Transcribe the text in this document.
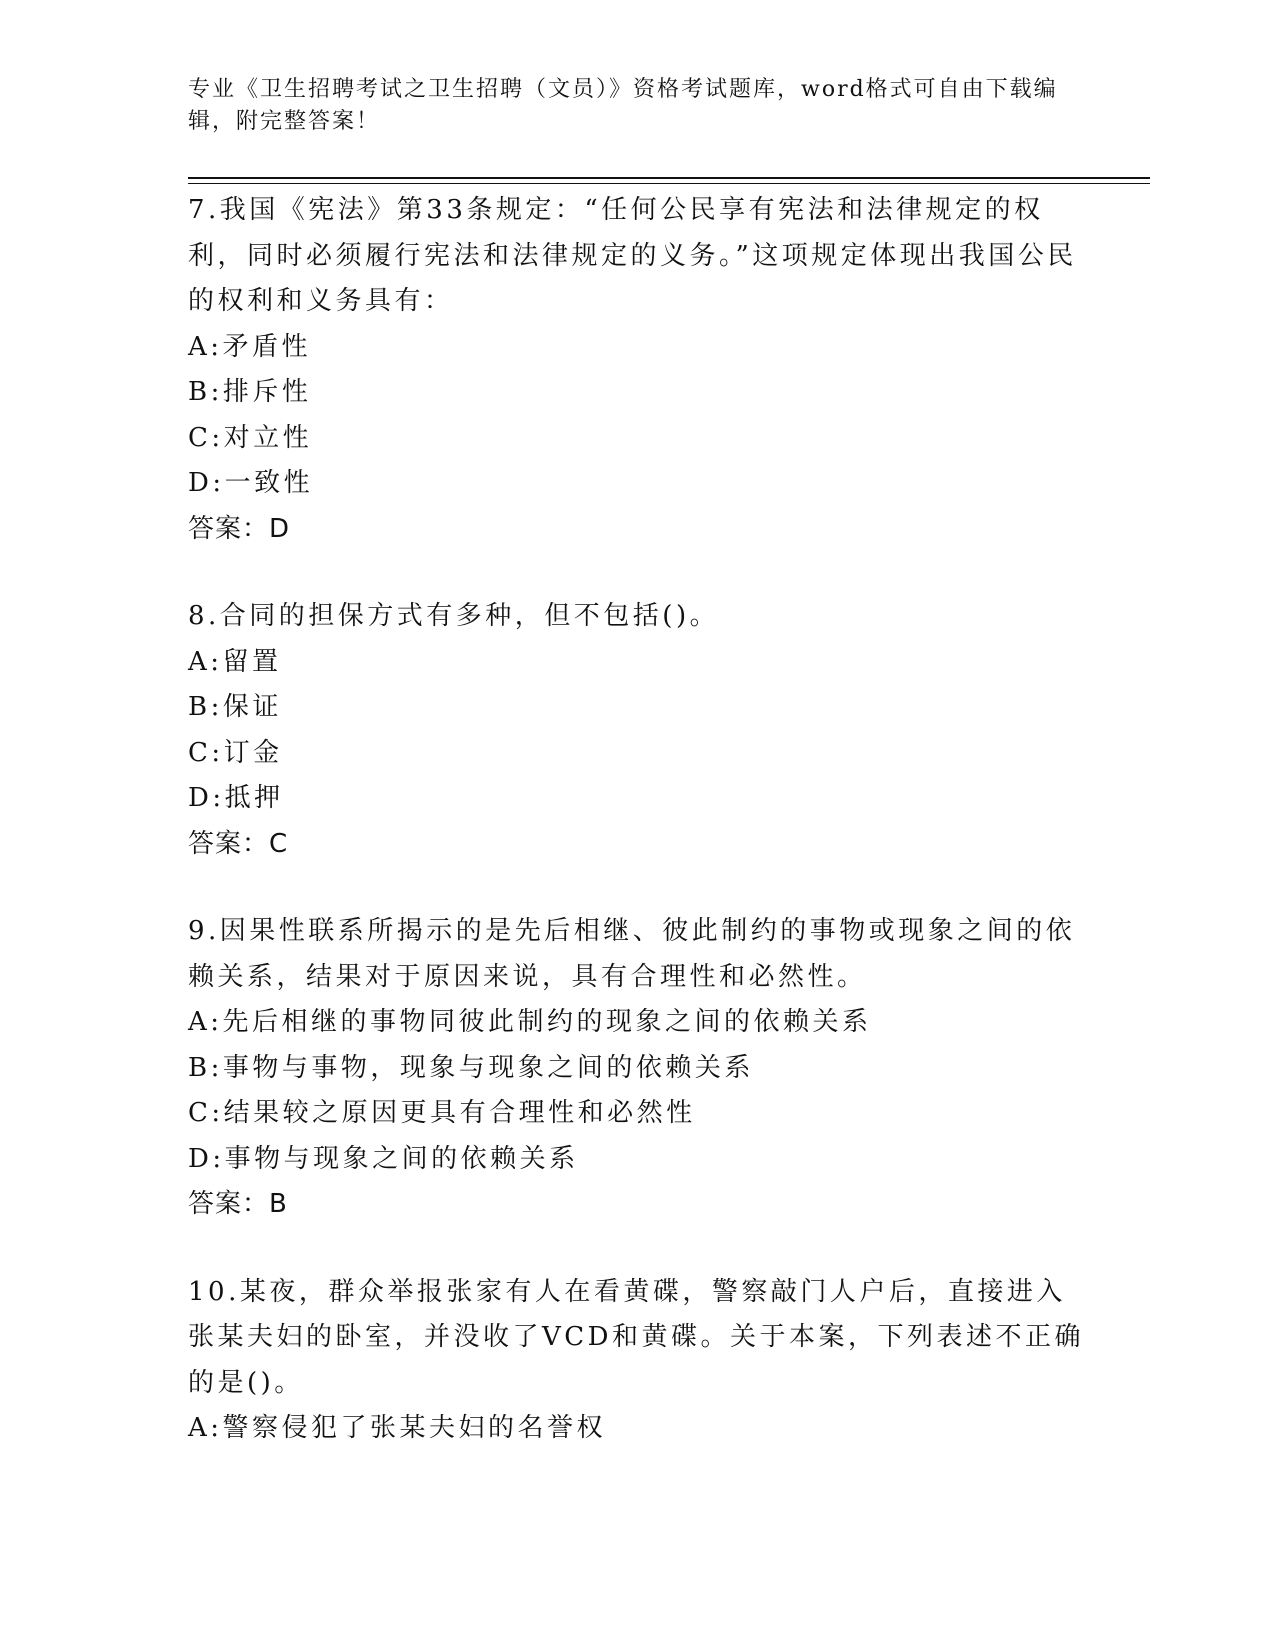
专业《卫生招聘考试之卫生招聘（文员）》资格考试题库，word格式可自由下载编辑，附完整答案！

7.我国《宪法》第33条规定：“任何公民享有宪法和法律规定的权利，同时必须履行宪法和法律规定的义务。”这项规定体现出我国公民的权利和义务具有：

A:矛盾性

B:排斥性

C:对立性

D:一致性

答案：D

8.合同的担保方式有多种，但不包括()。

A:留置

B:保证

C:订金

D:抵押

答案：C

9.因果性联系所揭示的是先后相继、彼此制约的事物或现象之间的依赖关系，结果对于原因来说，具有合理性和必然性。

A:先后相继的事物同彼此制约的现象之间的依赖关系

B:事物与事物，现象与现象之间的依赖关系

C:结果较之原因更具有合理性和必然性

D:事物与现象之间的依赖关系

答案：B

10.某夜，群众举报张家有人在看黄碟，警察敲门人户后，直接进入张某夫妇的卧室，并没收了VCD和黄碟。关于本案，下列表述不正确的是()。

A:警察侵犯了张某夫妇的名誉权
